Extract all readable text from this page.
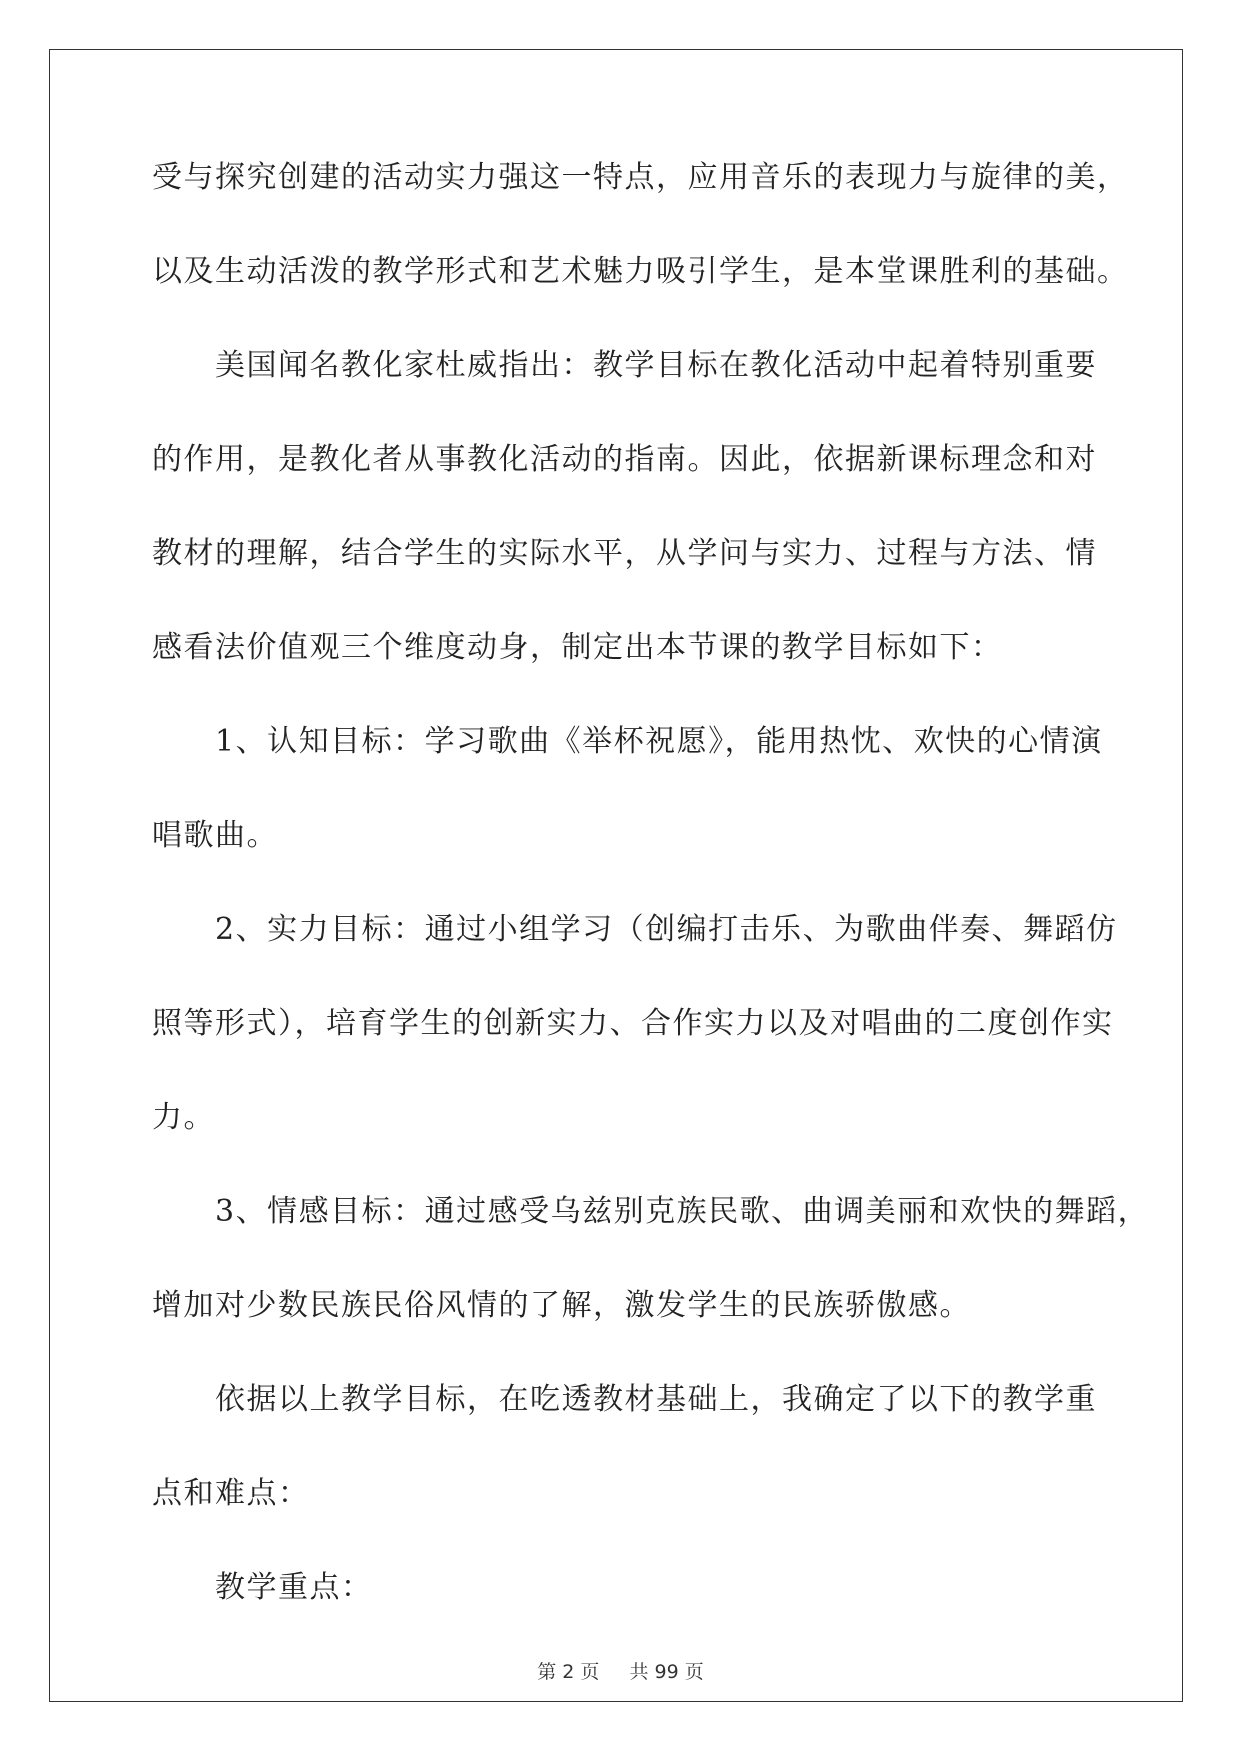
受与探究创建的活动实力强这一特点，应用音乐的表现力与旋律的美，
以及生动活泼的教学形式和艺术魅力吸引学生，是本堂课胜利的基础。
美国闻名教化家杜威指出：教学目标在教化活动中起着特别重要
的作用，是教化者从事教化活动的指南。因此，依据新课标理念和对
教材的理解，结合学生的实际水平，从学问与实力、过程与方法、情
感看法价值观三个维度动身，制定出本节课的教学目标如下：
1、认知目标：学习歌曲《举杯祝愿》，能用热忱、欢快的心情演
唱歌曲。
2、实力目标：通过小组学习（创编打击乐、为歌曲伴奏、舞蹈仿
照等形式），培育学生的创新实力、合作实力以及对唱曲的二度创作实
力。
3、情感目标：通过感受乌兹别克族民歌、曲调美丽和欢快的舞蹈，
增加对少数民族民俗风情的了解，激发学生的民族骄傲感。
依据以上教学目标，在吃透教材基础上，我确定了以下的教学重
点和难点：
教学重点：
第 2 页 共 99 页
